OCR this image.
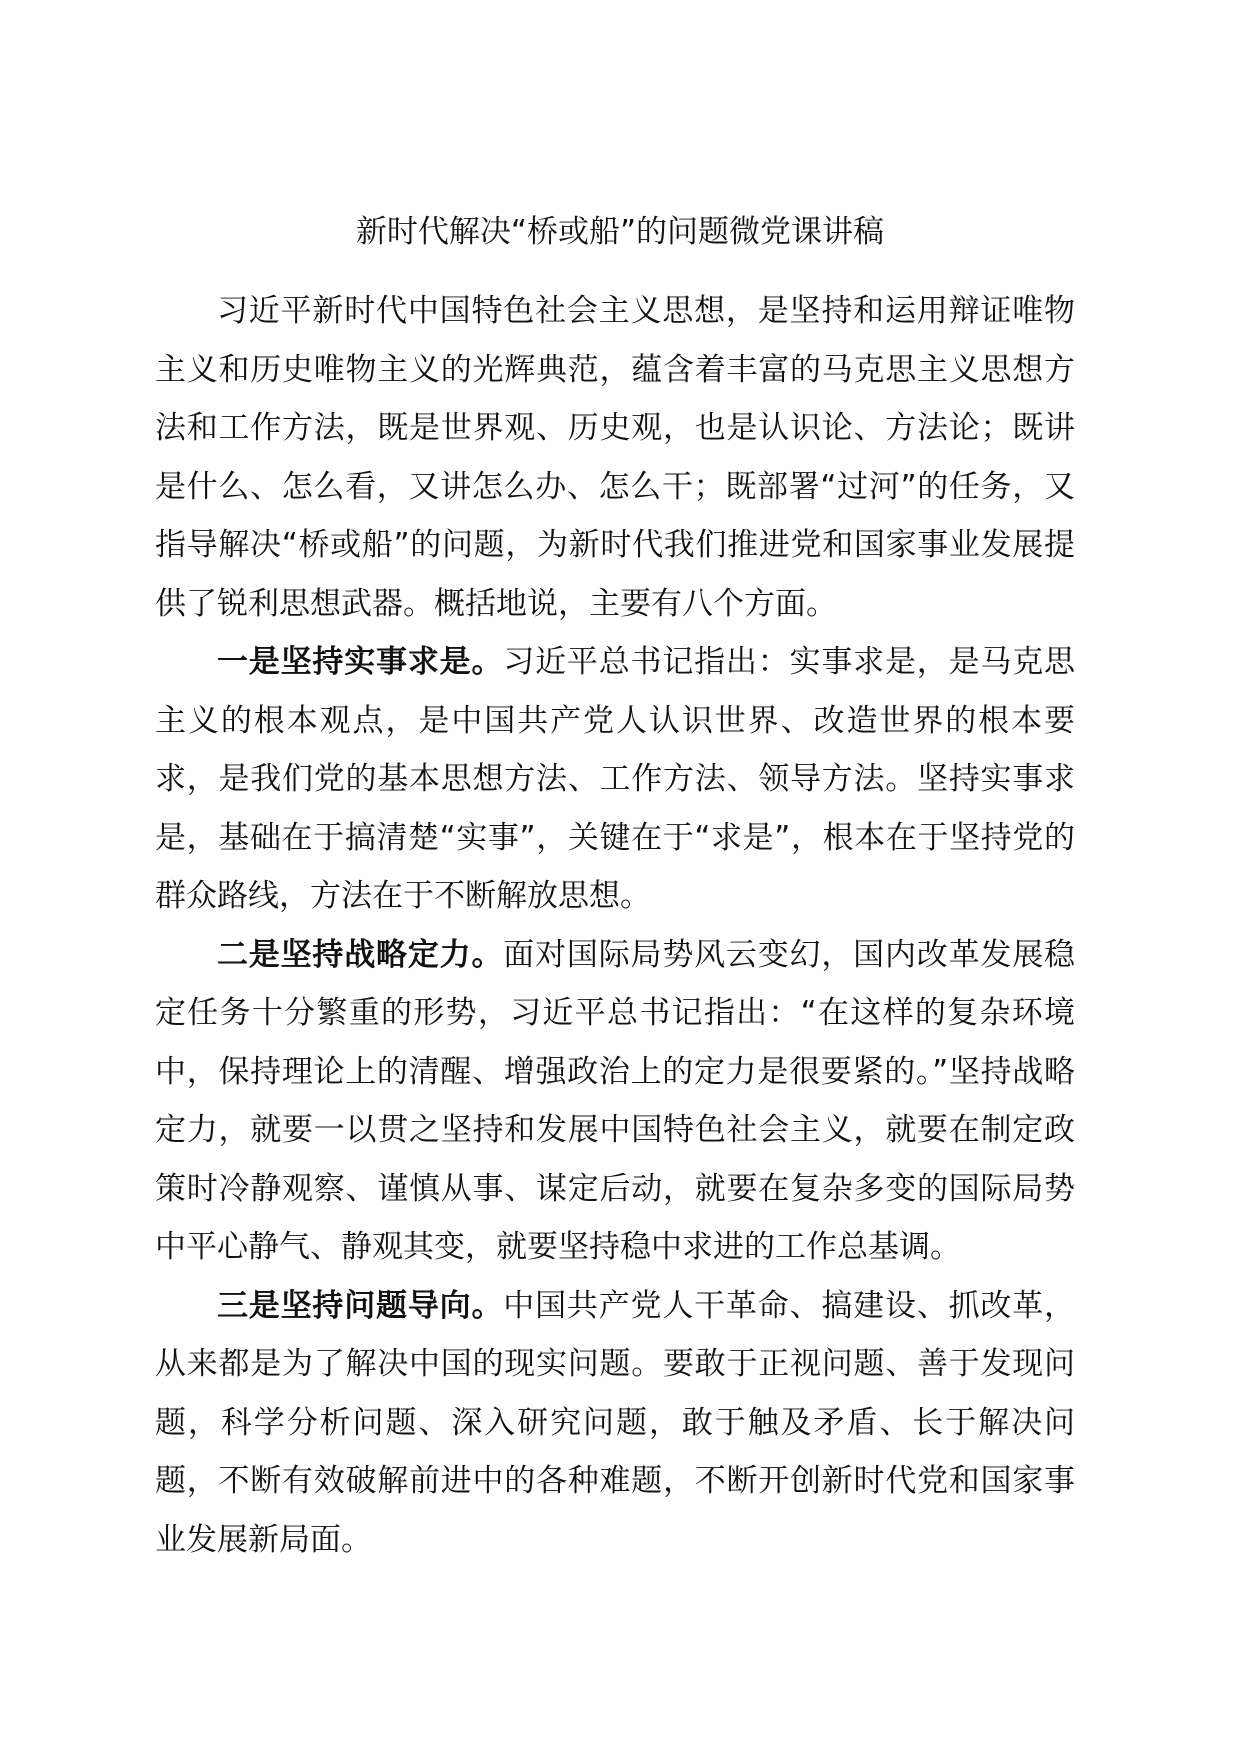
新时代解决“桥或船”的问题微党课讲稿

习近平新时代中国特色社会主义思想，是坚持和运用辩证唯物主义和历史唯物主义的光辉典范，蕴含着丰富的马克思主义思想方法和工作方法，既是世界观、历史观，也是认识论、方法论；既讲是什么、怎么看，又讲怎么办、怎么干；既部署“过河”的任务，又指导解决“桥或船”的问题，为新时代我们推进党和国家事业发展提供了锐利思想武器。概括地说，主要有八个方面。

一是坚持实事求是。习近平总书记指出：实事求是，是马克思主义的根本观点，是中国共产党人认识世界、改造世界的根本要求，是我们党的基本思想方法、工作方法、领导方法。坚持实事求是，基础在于搞清楚“实事”，关键在于“求是”，根本在于坚持党的群众路线，方法在于不断解放思想。

二是坚持战略定力。面对国际局势风云变幻，国内改革发展稳定任务十分繁重的形势，习近平总书记指出：“在这样的复杂环境中，保持理论上的清醒、增强政治上的定力是很要紧的。”坚持战略定力，就要一以贯之坚持和发展中国特色社会主义，就要在制定政策时冷静观察、谨慎从事、谋定后动，就要在复杂多变的国际局势中平心静气、静观其变，就要坚持稳中求进的工作总基调。

三是坚持问题导向。中国共产党人干革命、搞建设、抓改革，从来都是为了解决中国的现实问题。要敢于正视问题、善于发现问题，科学分析问题、深入研究问题，敢于触及矛盾、长于解决问题，不断有效破解前进中的各种难题，不断开创新时代党和国家事业发展新局面。
